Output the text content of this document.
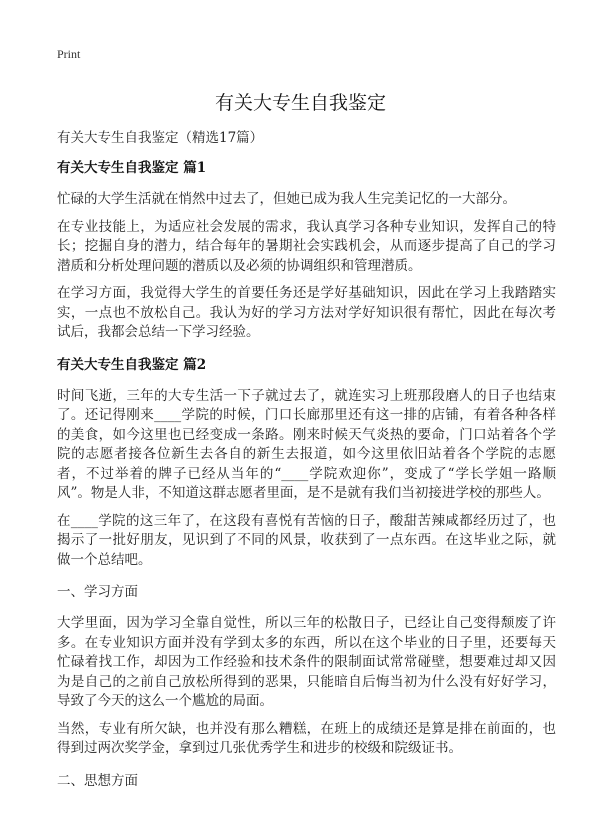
Print
有关大专生自我鉴定
有关大专生自我鉴定（精选17篇）
有关大专生自我鉴定 篇1

忙碌的大学生活就在悄然中过去了，但她已成为我人生完美记忆的一大部分。

在专业技能上，为适应社会发展的需求，我认真学习各种专业知识，发挥自己的特长；挖掘自身的潜力，结合每年的暑期社会实践机会，从而逐步提高了自己的学习潜质和分析处理问题的潜质以及必须的协调组织和管理潜质。

在学习方面，我觉得大学生的首要任务还是学好基础知识，因此在学习上我踏踏实实，一点也不放松自己。我认为好的学习方法对学好知识很有帮忙，因此在每次考试后，我都会总结一下学习经验。

有关大专生自我鉴定 篇2

时间飞逝，三年的大专生活一下子就过去了，就连实习上班那段磨人的日子也结束了。还记得刚来____学院的时候，门口长廊那里还有这一排的店铺，有着各种各样的美食，如今这里也已经变成一条路。刚来时候天气炎热的要命，门口站着各个学院的志愿者接各位新生去各自的新生去报道，如今这里依旧站着各个学院的志愿者，不过举着的牌子已经从当年的“____学院欢迎你”，变成了“学长学姐一路顺风”。物是人非，不知道这群志愿者里面，是不是就有我们当初接进学校的那些人。

在____学院的这三年了，在这段有喜悦有苦恼的日子，酸甜苦辣咸都经历过了，也揭示了一批好朋友，见识到了不同的风景，收获到了一点东西。在这毕业之际，就做一个总结吧。

一、学习方面

大学里面，因为学习全靠自觉性，所以三年的松散日子，已经让自己变得颓废了许多。在专业知识方面并没有学到太多的东西，所以在这个毕业的日子里，还要每天忙碌着找工作，却因为工作经验和技术条件的限制面试常常碰壁，想要难过却又因为是自己的之前自己放松所得到的恶果，只能暗自后悔当初为什么没有好好学习，导致了今天的这么一个尴尬的局面。

当然，专业有所欠缺，也并没有那么糟糕，在班上的成绩还是算是排在前面的，也得到过两次奖学金，拿到过几张优秀学生和进步的校级和院级证书。

二、思想方面
